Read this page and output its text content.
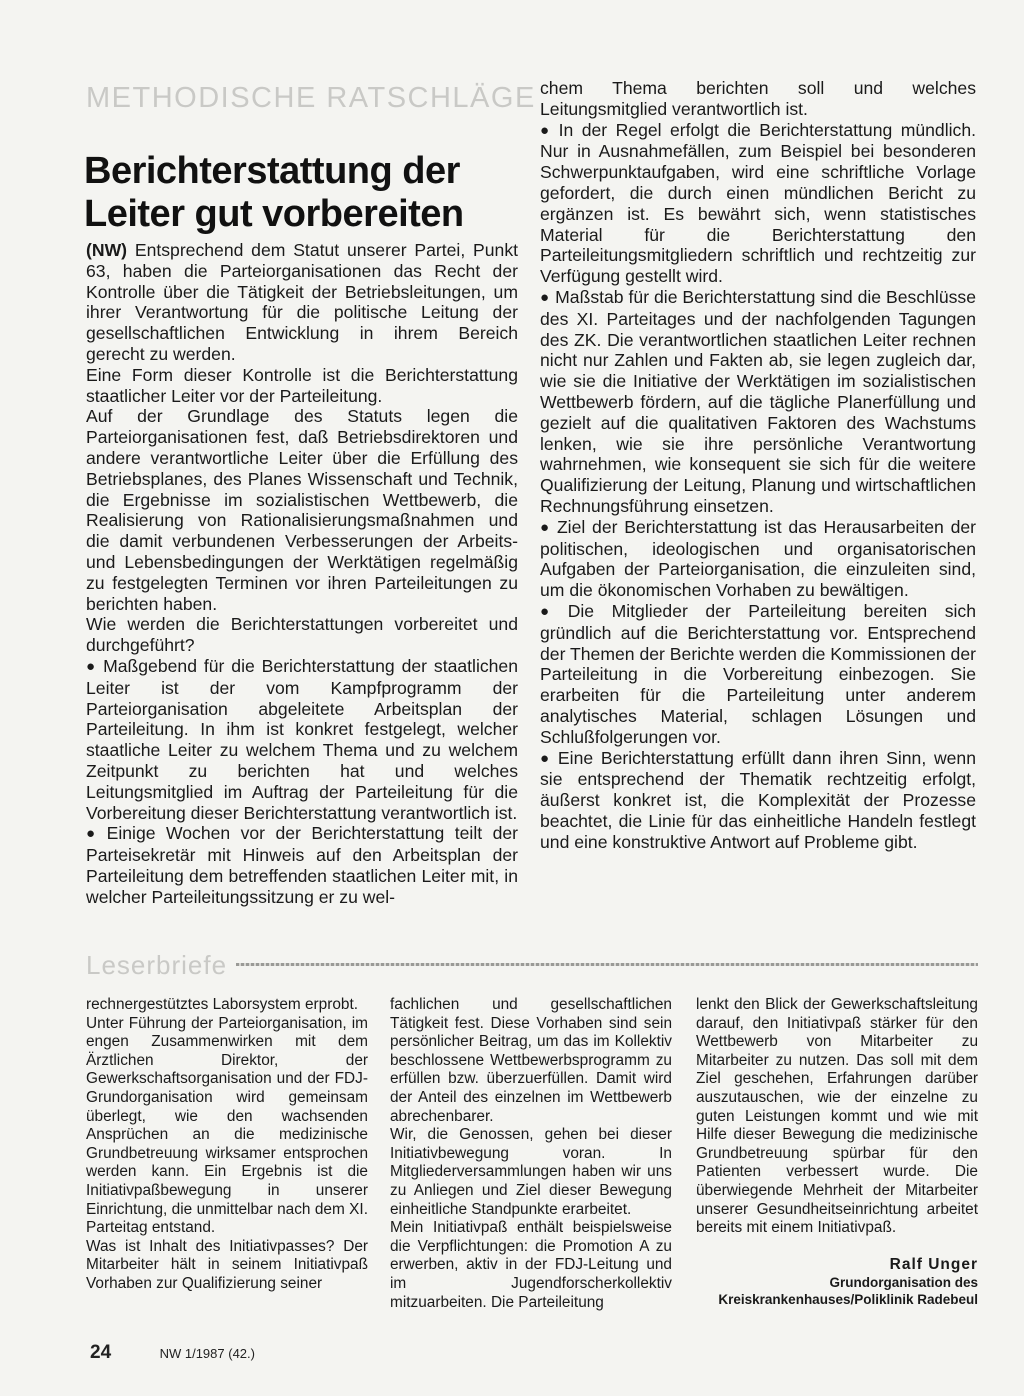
METHODISCHE RATSCHLÄGE
Berichterstattung der
Leiter gut vorbereiten

(NW) Entsprechend dem Statut unserer Partei, Punkt 63, haben die Parteiorganisationen das Recht der Kontrolle über die Tätigkeit der Betriebsleitungen, um ihrer Verantwortung für die politische Leitung der gesellschaftlichen Entwicklung in ihrem Bereich gerecht zu werden.

Eine Form dieser Kontrolle ist die Berichterstattung staatlicher Leiter vor der Parteileitung.

Auf der Grundlage des Statuts legen die Parteiorganisationen fest, daß Betriebsdirektoren und andere verantwortliche Leiter über die Erfüllung des Betriebsplanes, des Planes Wissenschaft und Technik, die Ergebnisse im sozialistischen Wettbewerb, die Realisierung von Rationalisierungsmaßnahmen und die damit verbundenen Verbesserungen der Arbeits- und Lebensbedingungen der Werktätigen regelmäßig zu festgelegten Terminen vor ihren Parteileitungen zu berichten haben.

Wie werden die Berichterstattungen vorbereitet und durchgeführt?

● Maßgebend für die Berichterstattung der staatlichen Leiter ist der vom Kampfprogramm der Parteiorganisation abgeleitete Arbeitsplan der Parteileitung. In ihm ist konkret festgelegt, welcher staatliche Leiter zu welchem Thema und zu welchem Zeitpunkt zu berichten hat und welches Leitungsmitglied im Auftrag der Parteileitung für die Vorbereitung dieser Berichterstattung verantwortlich ist.

● Einige Wochen vor der Berichterstattung teilt der Parteisekretär mit Hinweis auf den Arbeitsplan der Parteileitung dem betreffenden staatlichen Leiter mit, in welcher Parteileitungssitzung er zu wel-

chem Thema berichten soll und welches Leitungsmitglied verantwortlich ist.

● In der Regel erfolgt die Berichterstattung mündlich. Nur in Ausnahmefällen, zum Beispiel bei besonderen Schwerpunktaufgaben, wird eine schriftliche Vorlage gefordert, die durch einen mündlichen Bericht zu ergänzen ist. Es bewährt sich, wenn statistisches Material für die Berichterstattung den Parteileitungsmitgliedern schriftlich und rechtzeitig zur Verfügung gestellt wird.

● Maßstab für die Berichterstattung sind die Beschlüsse des XI. Parteitages und der nachfolgenden Tagungen des ZK. Die verantwortlichen staatlichen Leiter rechnen nicht nur Zahlen und Fakten ab, sie legen zugleich dar, wie sie die Initiative der Werktätigen im sozialistischen Wettbewerb fördern, auf die tägliche Planerfüllung und gezielt auf die qualitativen Faktoren des Wachstums lenken, wie sie ihre persönliche Verantwortung wahrnehmen, wie konsequent sie sich für die weitere Qualifizierung der Leitung, Planung und wirtschaftlichen Rechnungsführung einsetzen.

● Ziel der Berichterstattung ist das Herausarbeiten der politischen, ideologischen und organisatorischen Aufgaben der Parteiorganisation, die einzuleiten sind, um die ökonomischen Vorhaben zu bewältigen.

● Die Mitglieder der Parteileitung bereiten sich gründlich auf die Berichterstattung vor. Entsprechend der Themen der Berichte werden die Kommissionen der Parteileitung in die Vorbereitung einbezogen. Sie erarbeiten für die Parteileitung unter anderem analytisches Material, schlagen Lösungen und Schlußfolgerungen vor.

● Eine Berichterstattung erfüllt dann ihren Sinn, wenn sie entsprechend der Thematik rechtzeitig erfolgt, äußerst konkret ist, die Komplexität der Prozesse beachtet, die Linie für das einheitliche Handeln festlegt und eine konstruktive Antwort auf Probleme gibt.

Leserbriefe

rechnergestütztes Laborsystem erprobt.

Unter Führung der Parteiorganisation, im engen Zusammenwirken mit dem Ärztlichen Direktor, der Gewerkschaftsorganisation und der FDJ-Grundorganisation wird gemeinsam überlegt, wie den wachsenden Ansprüchen an die medizinische Grundbetreuung wirksamer entsprochen werden kann. Ein Ergebnis ist die Initiativpaßbewegung in unserer Einrichtung, die unmittelbar nach dem XI. Parteitag entstand.

Was ist Inhalt des Initiativpasses? Der Mitarbeiter hält in seinem Initiativpaß Vorhaben zur Qualifizierung seiner

fachlichen und gesellschaftlichen Tätigkeit fest. Diese Vorhaben sind sein persönlicher Beitrag, um das im Kollektiv beschlossene Wettbewerbsprogramm zu erfüllen bzw. überzuerfüllen. Damit wird der Anteil des einzelnen im Wettbewerb abrechenbarer.

Wir, die Genossen, gehen bei dieser Initiativbewegung voran. In Mitgliederversammlungen haben wir uns zu Anliegen und Ziel dieser Bewegung einheitliche Standpunkte erarbeitet.

Mein Initiativpaß enthält beispielsweise die Verpflichtungen: die Promotion A zu erwerben, aktiv in der FDJ-Leitung und im Jugendforscherkollektiv mitzuarbeiten. Die Parteileitung

lenkt den Blick der Gewerkschaftsleitung darauf, den Initiativpaß stärker für den Wettbewerb von Mitarbeiter zu Mitarbeiter zu nutzen. Das soll mit dem Ziel geschehen, Erfahrungen darüber auszutauschen, wie der einzelne zu guten Leistungen kommt und wie mit Hilfe dieser Bewegung die medizinische Grundbetreuung spürbar für den Patienten verbessert wurde. Die überwiegende Mehrheit der Mitarbeiter unserer Gesundheitseinrichtung arbeitet bereits mit einem Initiativpaß.

Ralf Unger
Grundorganisation des
Kreiskrankenhauses/Poliklinik Radebeul
24	NW 1/1987 (42.)
